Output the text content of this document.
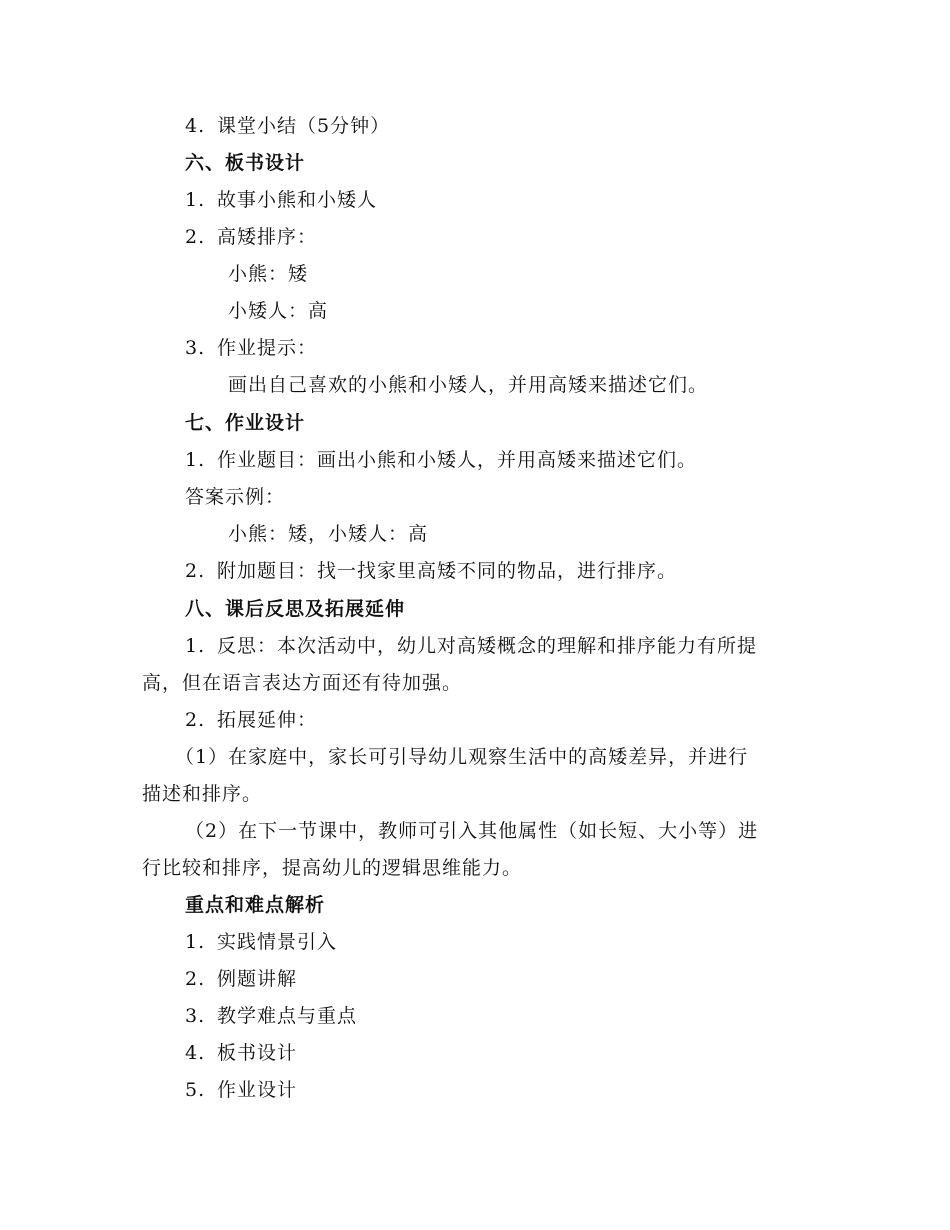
4. 课堂小结（5分钟）
六、板书设计
1. 故事小熊和小矮人
2. 高矮排序：
小熊：矮
小矮人：高
3. 作业提示：
画出自己喜欢的小熊和小矮人，并用高矮来描述它们。
七、作业设计
1. 作业题目：画出小熊和小矮人，并用高矮来描述它们。
答案示例：
小熊：矮，小矮人：高
2. 附加题目：找一找家里高矮不同的物品，进行排序。
八、课后反思及拓展延伸
1. 反思：本次活动中，幼儿对高矮概念的理解和排序能力有所提
高，但在语言表达方面还有待加强。
2. 拓展延伸：
（1）在家庭中，家长可引导幼儿观察生活中的高矮差异，并进行
描述和排序。
（2）在下一节课中，教师可引入其他属性（如长短、大小等）进
行比较和排序，提高幼儿的逻辑思维能力。
重点和难点解析
1. 实践情景引入
2. 例题讲解
3. 教学难点与重点
4. 板书设计
5. 作业设计
